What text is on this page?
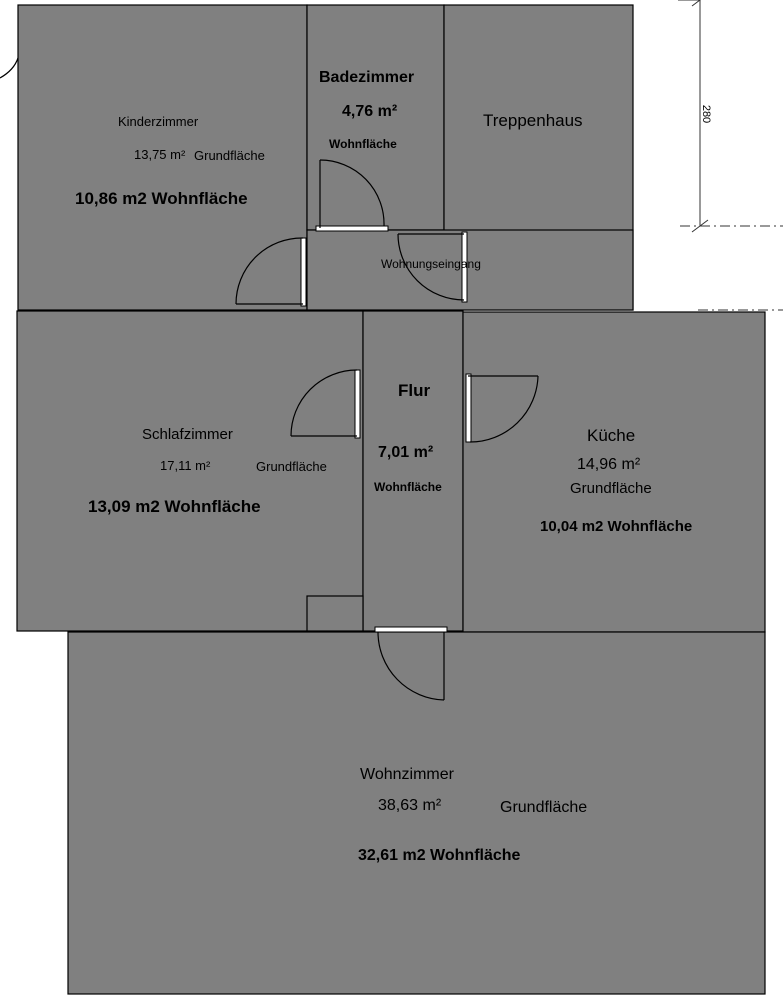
Kinderzimmer
13,75 m² Grundfläche
10,86 m2 Wohnfläche
Badezimmer
4,76 m²
Wohnfläche
Treppenhaus
Wohnungseingang
Schlafzimmer
17,11 m²	Grundfläche
13,09 m2 Wohnfläche
Flur
7,01 m²
Wohnfläche
Küche
14,96 m²
Grundfläche
10,04 m2 Wohnfläche
Wohnzimmer
38,63 m²	Grundfläche
32,61 m2 Wohnfläche
280
